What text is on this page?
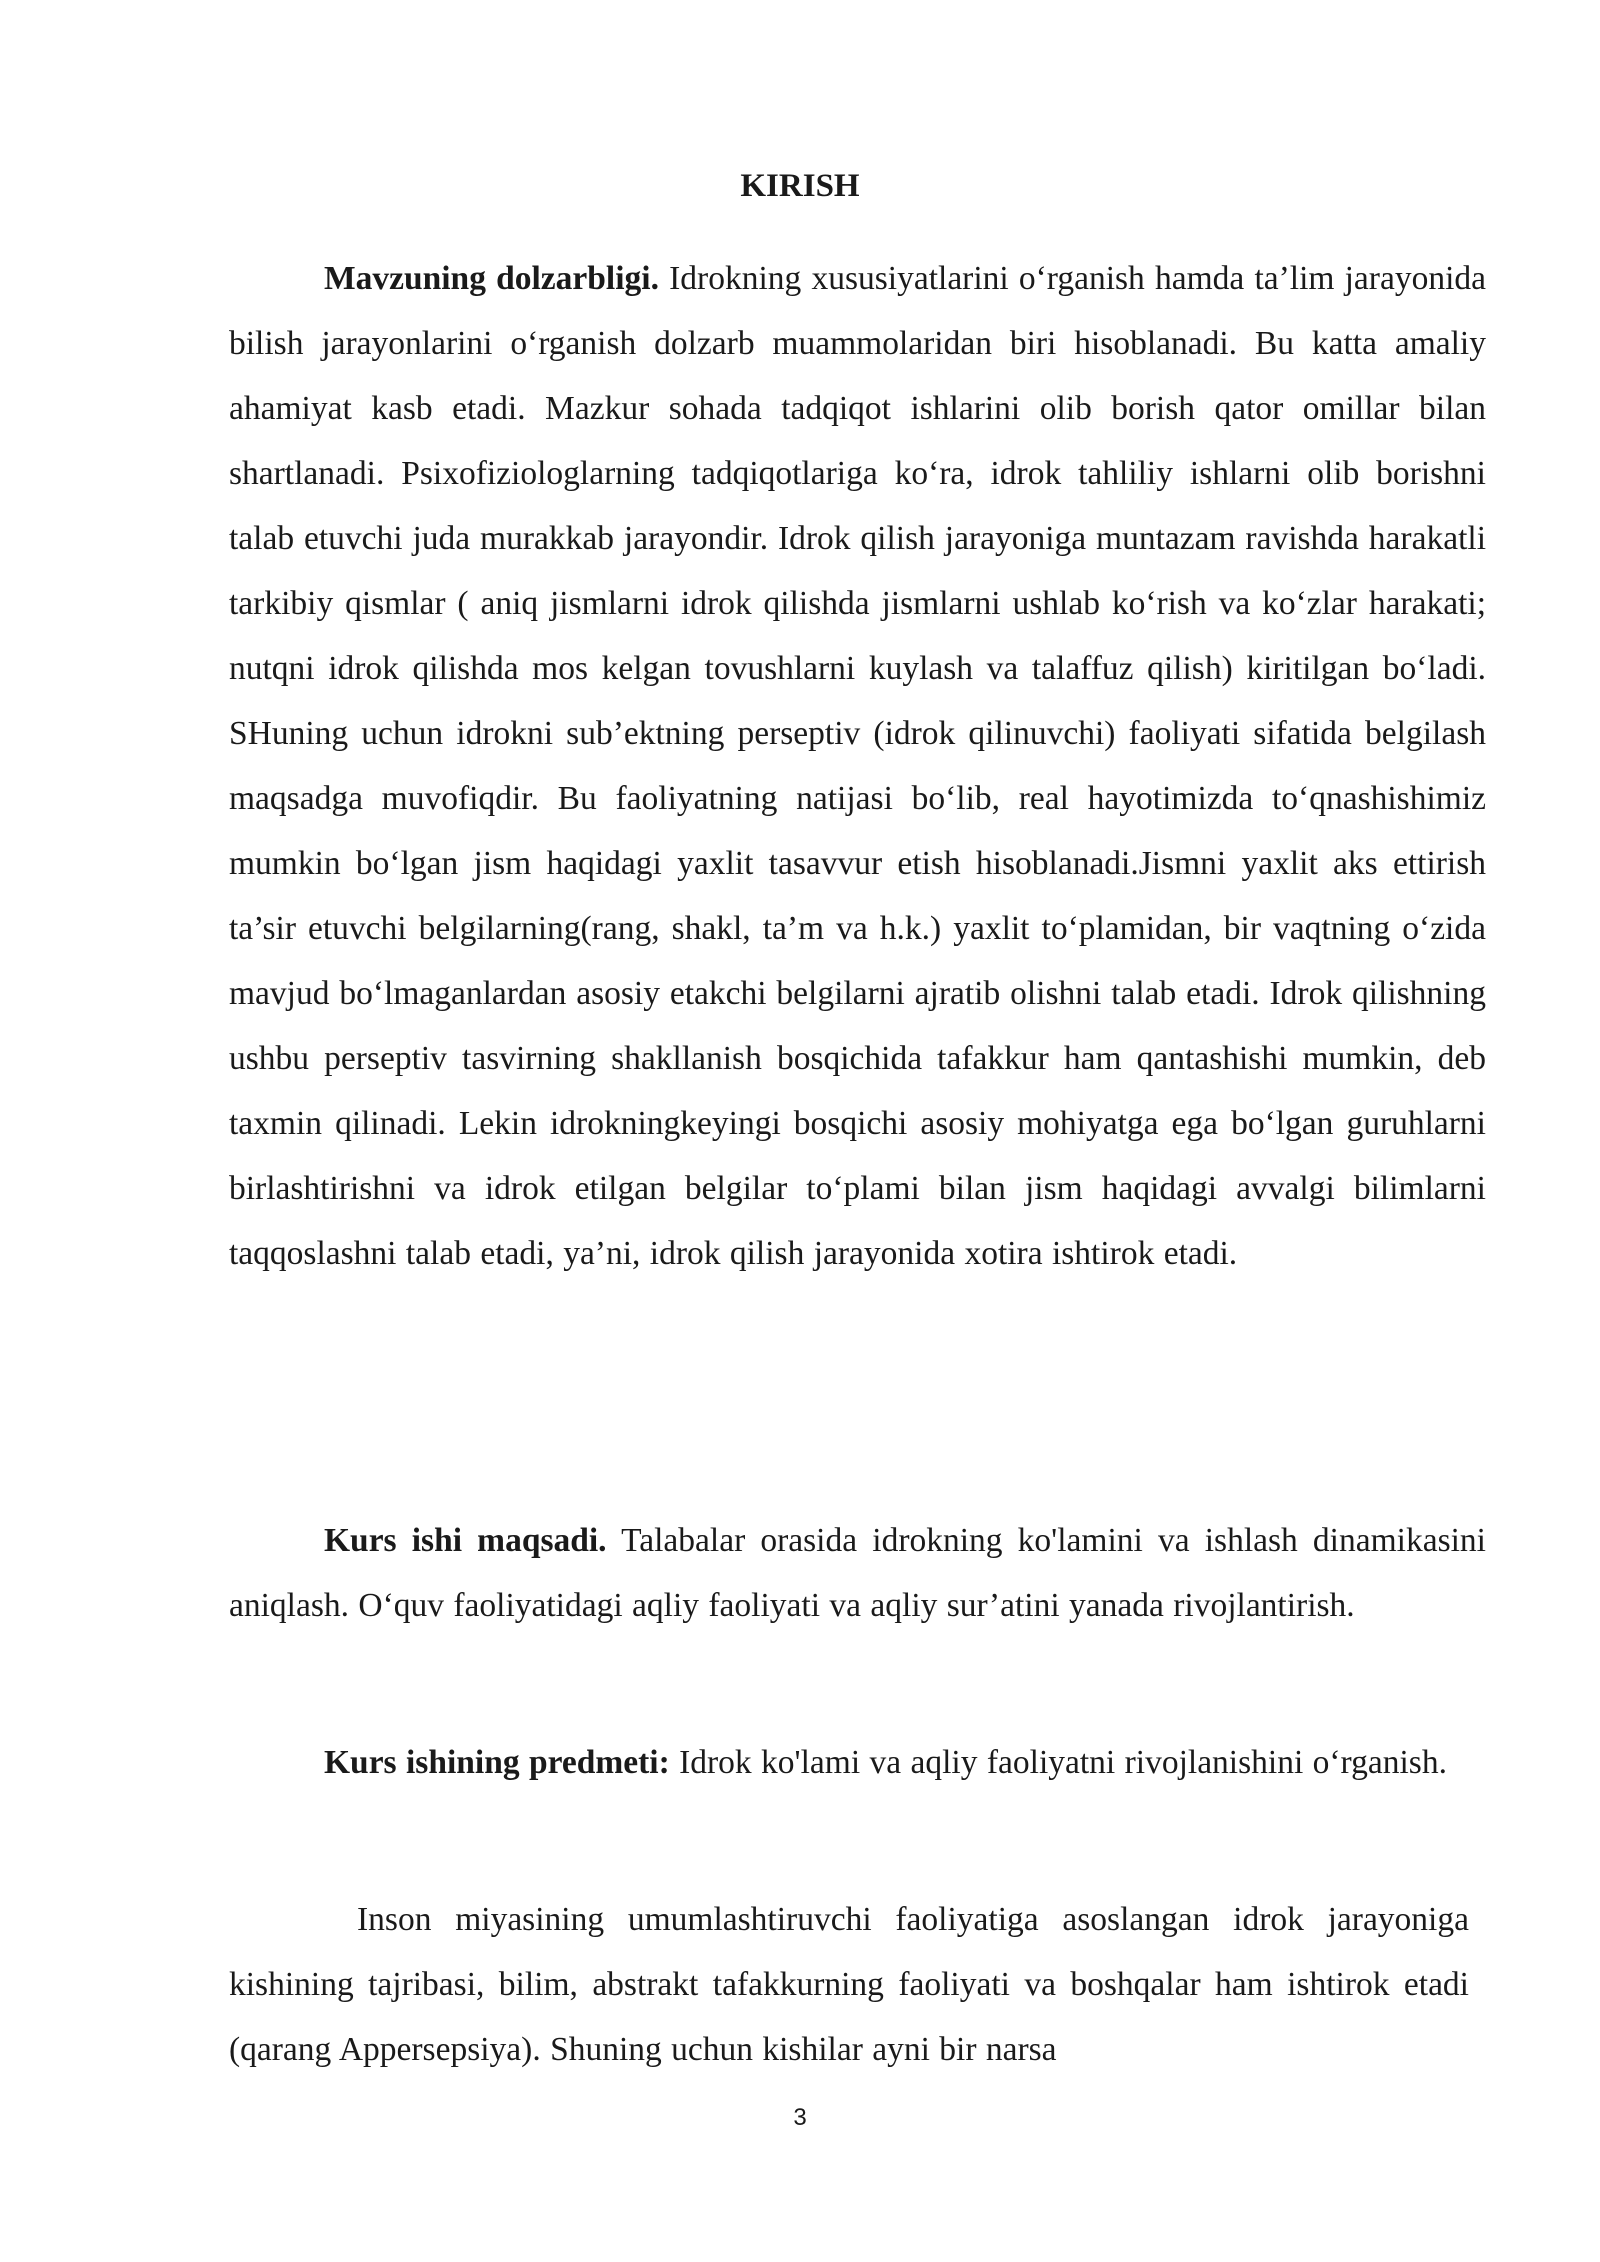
KIRISH

Mavzuning dolzarbligi. Idrokning xususiyatlarini o‘rganish hamda ta’lim jarayonida bilish jarayonlarini o‘rganish dolzarb muammolaridan biri hisoblanadi. Bu katta amaliy ahamiyat kasb etadi. Mazkur sohada tadqiqot ishlarini olib borish qator omillar bilan shartlanadi. Psixofiziologlarning tadqiqotlariga ko‘ra, idrok tahliliy ishlarni olib borishni talab etuvchi juda murakkab jarayondir. Idrok qilish jarayoniga muntazam ravishda harakatli tarkibiy qismlar ( aniq jismlarni idrok qilishda jismlarni ushlab ko‘rish va ko‘zlar harakati; nutqni idrok qilishda mos kelgan tovushlarni kuylash va talaffuz qilish) kiritilgan bo‘ladi. SHuning uchun idrokni sub’ektning perseptiv (idrok qilinuvchi) faoliyati sifatida belgilash maqsadga muvofiqdir. Bu faoliyatning natijasi bo‘lib, real hayotimizda to‘qnashishimiz mumkin bo‘lgan jism haqidagi yaxlit tasavvur etish hisoblanadi.Jismni yaxlit aks ettirish ta’sir etuvchi belgilarning(rang, shakl, ta’m va h.k.) yaxlit to‘plamidan, bir vaqtning o‘zida mavjud bo‘lmaganlardan asosiy etakchi belgilarni ajratib olishni talab etadi. Idrok qilishning ushbu perseptiv tasvirning shakllanish bosqichida tafakkur ham qantashishi mumkin, deb taxmin qilinadi. Lekin idrokningkeyingi bosqichi asosiy mohiyatga ega bo‘lgan guruhlarni birlashtirishni va idrok etilgan belgilar to‘plami bilan jism haqidagi avvalgi bilimlarni taqqoslashni talab etadi, ya’ni, idrok qilish jarayonida xotira ishtirok etadi.

Kurs ishi maqsadi. Talabalar orasida idrokning ko'lamini va ishlash dinamikasini aniqlash. O‘quv faoliyatidagi aqliy faoliyati va aqliy sur’atini yanada rivojlantirish.

Kurs ishining predmeti: Idrok ko'lami va aqliy faoliyatni rivojlanishini o‘rganish.

Inson miyasining umumlashtiruvchi faoliyatiga asoslangan idrok jarayoniga kishining tajribasi, bilim, abstrakt tafakkurning faoliyati va boshqalar ham ishtirok etadi (qarang Appersepsiya). Shuning uchun kishilar ayni bir narsa

3
